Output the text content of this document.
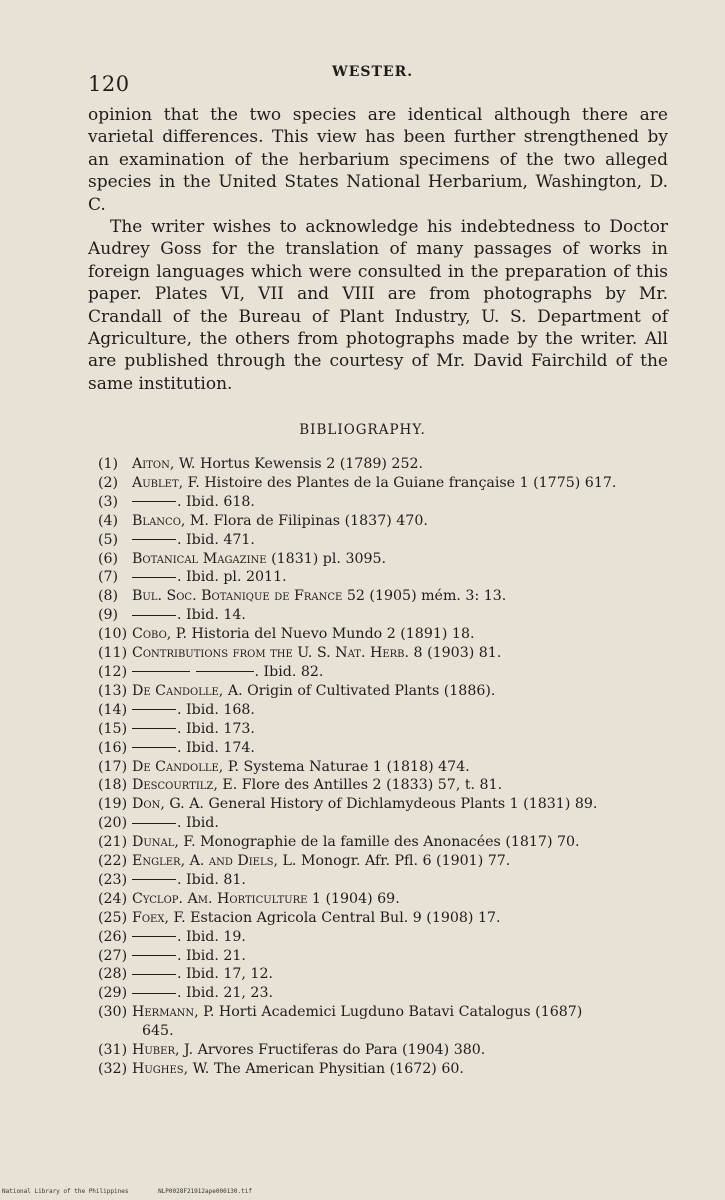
120	WESTER.

opinion that the two species are identical although there are varietal differences. This view has been further strengthened by an examination of the herbarium specimens of the two alleged species in the United States National Herbarium, Washington, D. C.

The writer wishes to acknowledge his indebtedness to Doctor Audrey Goss for the translation of many passages of works in foreign languages which were consulted in the preparation of this paper. Plates VI, VII and VIII are from photographs by Mr. Crandall of the Bureau of Plant Industry, U. S. Department of Agriculture, the others from photographs made by the writer. All are published through the courtesy of Mr. David Fairchild of the same institution.

BIBLIOGRAPHY.
(1) Aiton, W. Hortus Kewensis 2 (1789) 252.
(2) Aublet, F. Histoire des Plantes de la Guiane française 1 (1775) 617.
(3)	. Ibid. 618.
(4) Blanco, M. Flora de Filipinas (1837) 470.
(5)	. Ibid. 471.
(6) Botanical Magazine (1831) pl. 3095.
(7)	. Ibid. pl. 2011.
(8) Bul. Soc. Botanique de France 52 (1905) mém. 3: 13.
(9)	. Ibid. 14.
(10) Cobo, P. Historia del Nuevo Mundo 2 (1891) 18.
(11) Contributions from the U. S. Nat. Herb. 8 (1903) 81.
(12)	. Ibid. 82.
(13) De Candolle, A. Origin of Cultivated Plants (1886).
(14)	. Ibid. 168.
(15)	. Ibid. 173.
(16)	. Ibid. 174.
(17) De Candolle, P. Systema Naturae 1 (1818) 474.
(18) Descourtilz, E. Flore des Antilles 2 (1833) 57, t. 81.
(19) Don, G. A. General History of Dichlamydeous Plants 1 (1831) 89.
(20)	. Ibid.
(21) Dunal, F. Monographie de la famille des Anonacées (1817) 70.
(22) Engler, A. and Diels, L. Monogr. Afr. Pfl. 6 (1901) 77.
(23)	. Ibid. 81.
(24) Cyclop. Am. Horticulture 1 (1904) 69.
(25) Foex, F. Estacion Agricola Central Bul. 9 (1908) 17.
(26)	. Ibid. 19.
(27)	. Ibid. 21.
(28)	. Ibid. 17, 12.
(29)	. Ibid. 21, 23.
(30) Hermann, P. Horti Academici Lugduno Batavi Catalogus (1687)
645.
(31) Huber, J. Arvores Fructiferas do Para (1904) 380.
(32) Hughes, W. The American Physitian (1672) 60.
National Library of the Philippines	NLP0028F21912ape000130.tif
